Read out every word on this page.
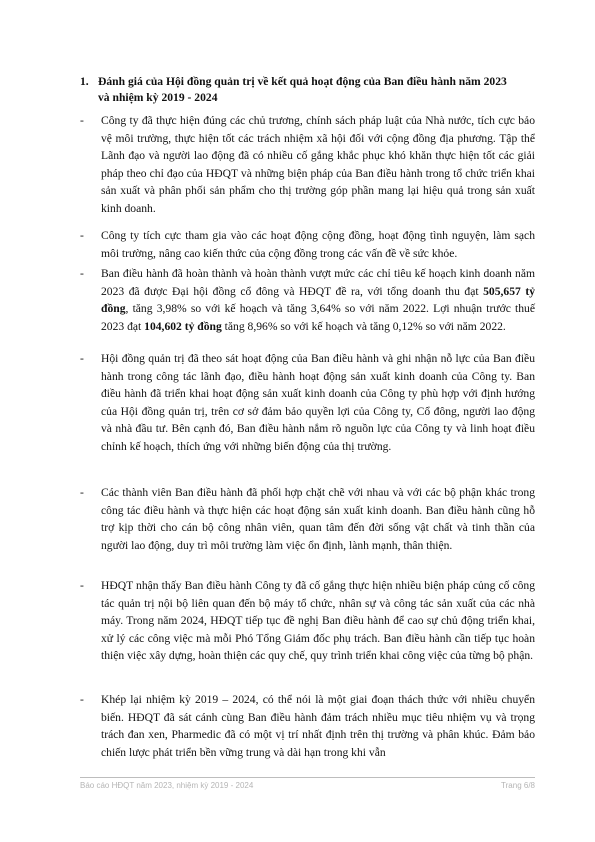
1. Đánh giá của Hội đồng quản trị về kết quả hoạt động của Ban điều hành năm 2023 và nhiệm kỳ 2019 - 2024
-	Công ty đã thực hiện đúng các chủ trương, chính sách pháp luật của Nhà nước, tích cực bảo vệ môi trường, thực hiện tốt các trách nhiệm xã hội đối với cộng đồng địa phương. Tập thể Lãnh đạo và người lao động đã có nhiều cố gắng khắc phục khó khăn thực hiện tốt các giải pháp theo chỉ đạo của HĐQT và những biện pháp của Ban điều hành trong tổ chức triển khai sản xuất và phân phối sản phẩm cho thị trường góp phần mang lại hiệu quả trong sản xuất kinh doanh.
-	Công ty tích cực tham gia vào các hoạt động cộng đồng, hoạt động tình nguyện, làm sạch môi trường, nâng cao kiến thức của cộng đồng trong các vấn đề về sức khỏe.
-	Ban điều hành đã hoàn thành và hoàn thành vượt mức các chỉ tiêu kế hoạch kinh doanh năm 2023 đã được Đại hội đồng cổ đông và HĐQT đề ra, với tổng doanh thu đạt 505,657 tỷ đồng, tăng 3,98% so với kế hoạch và tăng 3,64% so với năm 2022. Lợi nhuận trước thuế 2023 đạt 104,602 tỷ đồng tăng 8,96% so với kế hoạch và tăng 0,12% so với năm 2022.
-	Hội đồng quản trị đã theo sát hoạt động của Ban điều hành và ghi nhận nỗ lực của Ban điều hành trong công tác lãnh đạo, điều hành hoạt động sản xuất kinh doanh của Công ty. Ban điều hành đã triển khai hoạt động sản xuất kinh doanh của Công ty phù hợp với định hướng của Hội đồng quản trị, trên cơ sở đảm bảo quyền lợi của Công ty, Cổ đông, người lao động và nhà đầu tư. Bên cạnh đó, Ban điều hành nắm rõ nguồn lực của Công ty và linh hoạt điều chỉnh kế hoạch, thích ứng với những biến động của thị trường.
-	Các thành viên Ban điều hành đã phối hợp chặt chẽ với nhau và với các bộ phận khác trong công tác điều hành và thực hiện các hoạt động sản xuất kinh doanh. Ban điều hành cũng hỗ trợ kịp thời cho cán bộ công nhân viên, quan tâm đến đời sống vật chất và tinh thần của người lao động, duy trì môi trường làm việc ổn định, lành mạnh, thân thiện.
-	HĐQT nhận thấy Ban điều hành Công ty đã cố gắng thực hiện nhiều biện pháp củng cố công tác quản trị nội bộ liên quan đến bộ máy tổ chức, nhân sự và công tác sản xuất của các nhà máy. Trong năm 2024, HĐQT tiếp tục đề nghị Ban điều hành để cao sự chủ động triển khai, xử lý các công việc mà mỗi Phó Tổng Giám đốc phụ trách. Ban điều hành cần tiếp tục hoàn thiện việc xây dựng, hoàn thiện các quy chế, quy trình triển khai công việc của từng bộ phận.
-	Khép lại nhiệm kỳ 2019 – 2024, có thể nói là một giai đoạn thách thức với nhiều chuyển biến. HĐQT đã sát cánh cùng Ban điều hành đảm trách nhiều mục tiêu nhiệm vụ và trọng trách đan xen, Pharmedic đã có một vị trí nhất định trên thị trường và phân khúc. Đảm bảo chiến lược phát triển bền vững trung và dài hạn trong khi vẫn
Báo cáo HĐQT năm 2023, nhiệm kỳ 2019 - 2024	Trang 6/8
